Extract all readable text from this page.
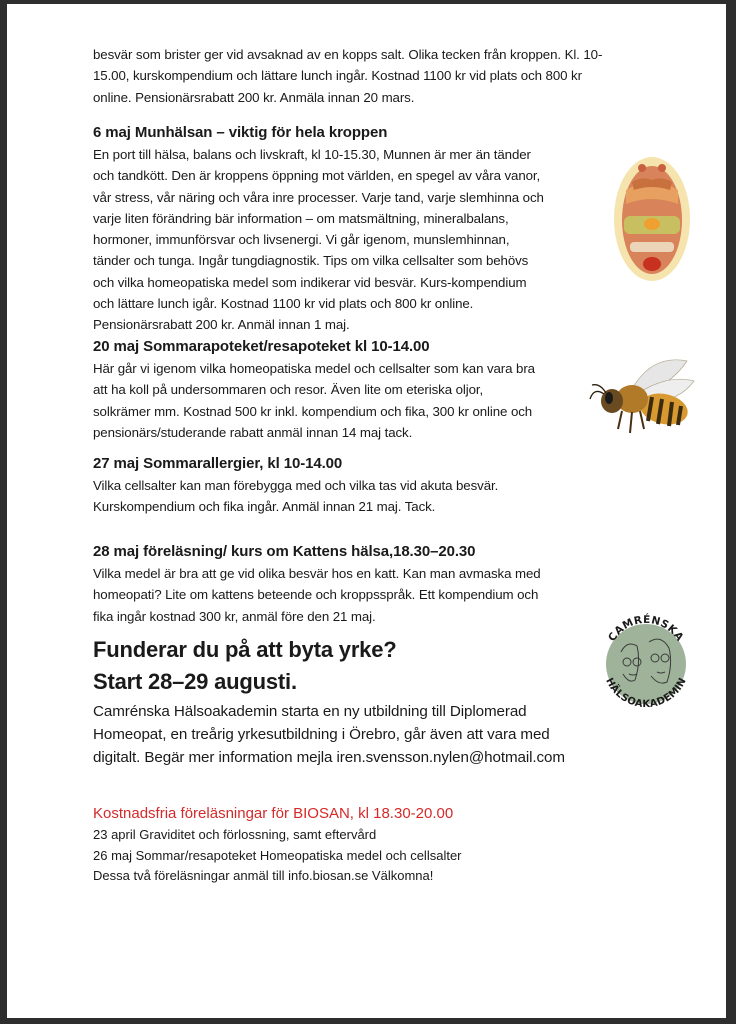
besvär som brister ger vid avsaknad av en kopps salt. Olika tecken från kroppen. Kl. 10-

15.00, kurskompendium och lättare lunch ingår. Kostnad 1100 kr vid plats och 800 kr

online. Pensionärsrabatt 200 kr. Anmäla innan 20 mars.

6 maj Munhälsan – viktig för hela kroppen

En port till hälsa, balans och livskraft, kl 10-15.30, Munnen är mer än tänder

och tandkött. Den är kroppens öppning mot världen, en spegel av våra vanor,

vår stress, vår näring och våra inre processer. Varje tand, varje slemhinna och

varje liten förändring bär information – om matsmältning, mineralbalans,

hormoner, immunförsvar och livsenergi. Vi går igenom, munslemhinnan,

tänder och tunga. Ingår tungdiagnostik. Tips om vilka cellsalter som behövs

och vilka homeopatiska medel som indikerar vid besvär. Kurs-kompendium

och lättare lunch igår. Kostnad 1100 kr vid plats och 800 kr online.

Pensionärsrabatt 200 kr. Anmäl innan 1 maj.

20 maj Sommarapoteket/resapoteket kl 10-14.00

Här går vi igenom vilka homeopatiska medel och cellsalter som kan vara bra

att ha koll på undersommaren och resor. Även lite om eteriska oljor,

solkrämer mm. Kostnad 500 kr inkl. kompendium och fika, 300 kr online och

pensionärs/studerande rabatt anmäl innan 14 maj tack.

27 maj Sommarallergier, kl 10-14.00

Vilka cellsalter kan man förebygga med och vilka tas vid akuta besvär.

Kurskompendium och fika ingår. Anmäl innan 21 maj. Tack.

28 maj föreläsning/ kurs om Kattens hälsa,18.30–20.30

Vilka medel är bra att ge vid olika besvär hos en katt. Kan man avmaska med

homeopati? Lite om kattens beteende och kroppsspråk. Ett kompendium och

fika ingår kostnad 300 kr, anmäl före den 21 maj.

Funderar du på att byta yrke?

Start 28–29 augusti.

Camrénska Hälsoakademin starta en ny utbildning till Diplomerad

Homeopat, en treårig yrkesutbildning i Örebro, går även att vara med

digitalt. Begär mer information mejla iren.svensson.nylen@hotmail.com

Kostnadsfria föreläsningar för BIOSAN, kl 18.30-20.00

23 april Graviditet och förlossning, samt eftervård

26 maj Sommar/resapoteket Homeopatiska medel och cellsalter

Dessa två föreläsningar anmäl till info.biosan.se Välkomna!

CAMRÉNSKA
HÄLSOAKADEMIN
